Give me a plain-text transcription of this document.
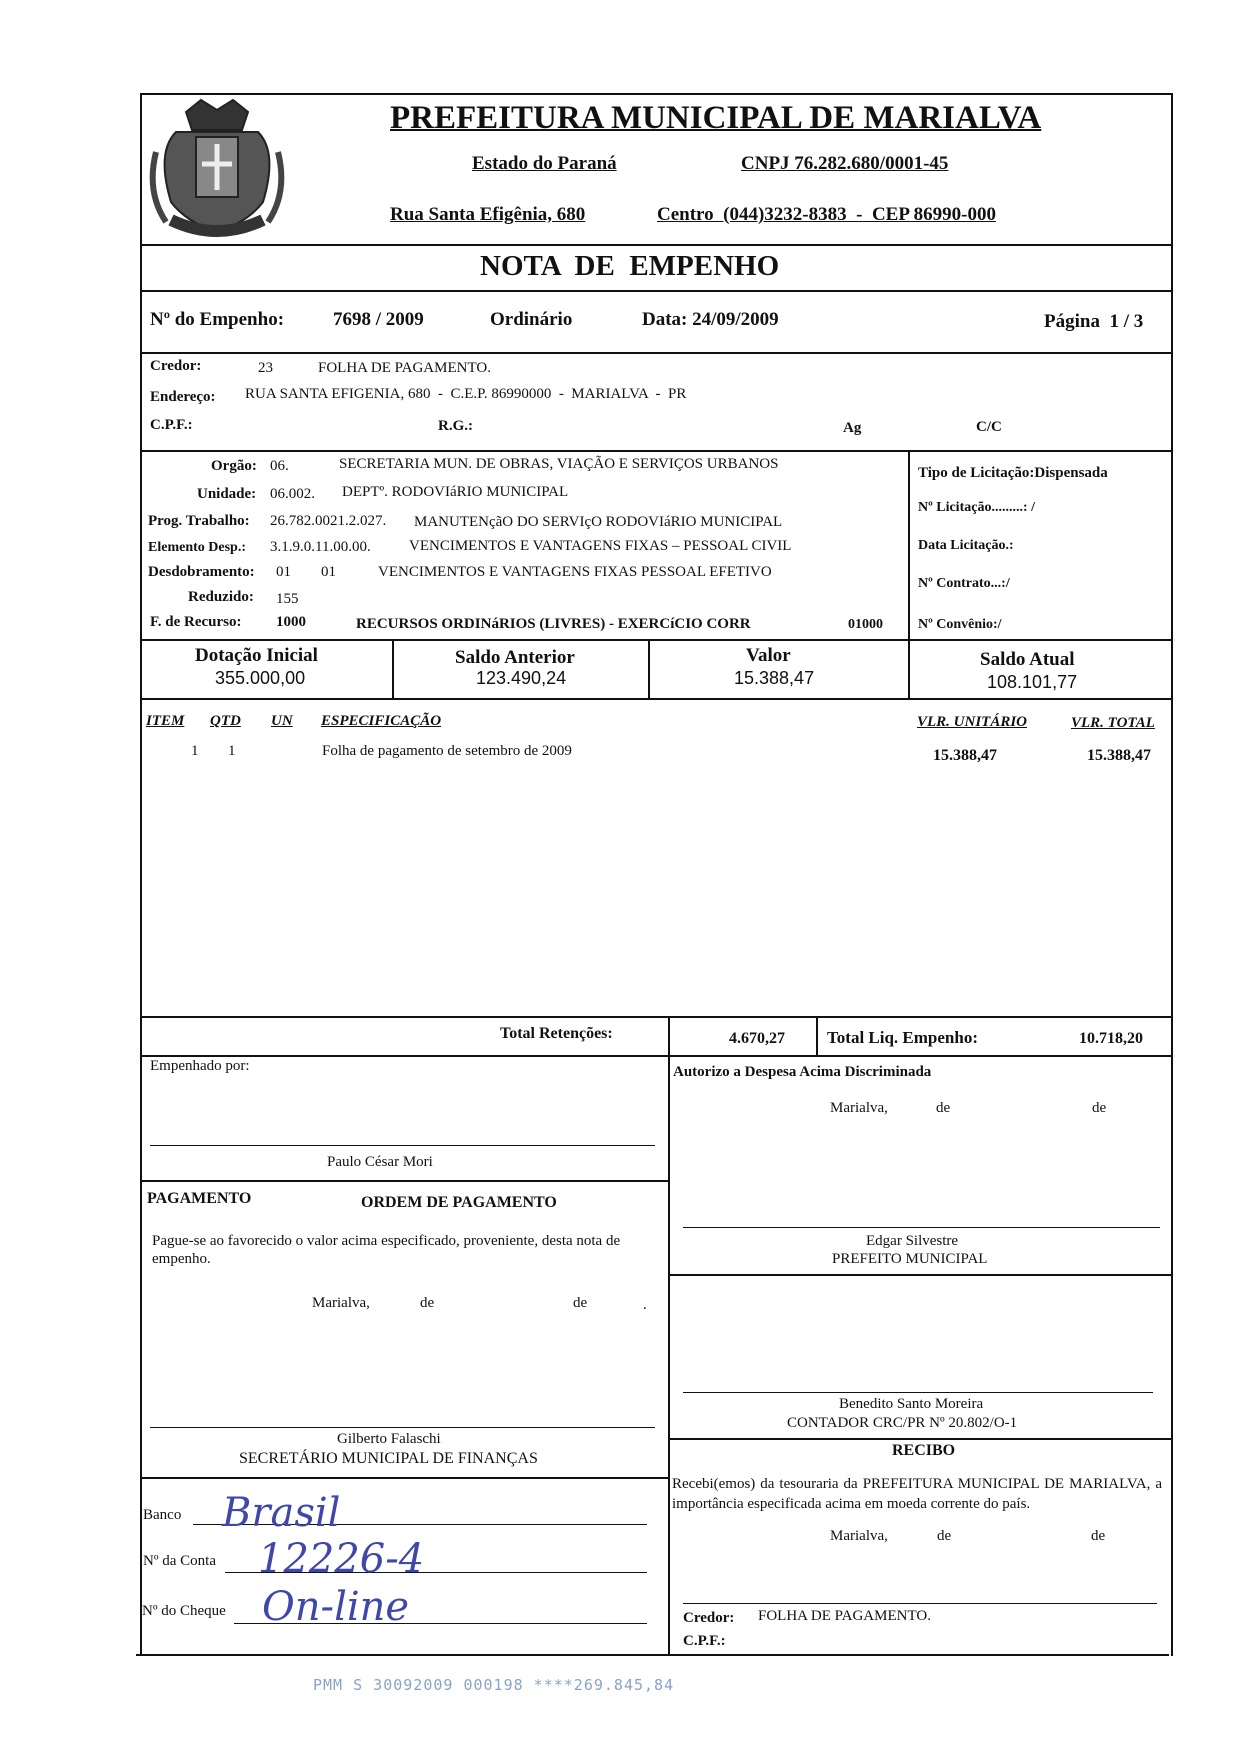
PREFEITURA MUNICIPAL DE MARIALVA
Estado do Paraná	CNPJ 76.282.680/0001-45
Rua Santa Efigênia, 680	Centro  (044)3232-8383  -  CEP 86990-000
NOTA  DE  EMPENHO
Nº do Empenho:	7698 / 2009	Ordinário	Data: 24/09/2009	Página  1 / 3
Credor:	23	FOLHA DE PAGAMENTO.
Endereço: RUA SANTA EFIGENIA, 680  -  C.E.P. 86990000  -  MARIALVA  -  PR
C.P.F.:	R.G.:	Ag	C/C
Orgão: 06.	SECRETARIA MUN. DE OBRAS, VIAÇÃO E SERVIÇOS URBANOS
Unidade: 06.002. DEPTº. RODOVIáRIO MUNICIPAL
Prog. Trabalho: 26.782.0021.2.027. MANUTENçãO DO SERVIçO RODOVIáRIO MUNICIPAL
Elemento Desp.: 3.1.9.0.11.00.00.	VENCIMENTOS E VANTAGENS FIXAS – PESSOAL CIVIL
Desdobramento: 01 01	VENCIMENTOS E VANTAGENS FIXAS PESSOAL EFETIVO
Reduzido: 155
F. de Recurso: 1000	RECURSOS ORDINáRIOS (LIVRES) - EXERCíCIO CORR	01000
Tipo de Licitação:Dispensada
Nº Licitação.........: /
Data Licitação.:
Nº Contrato...:/
Nº Convênio:/
Dotação Inicial
355.000,00
Saldo Anterior
123.490,24
Valor
15.388,47
Saldo Atual
108.101,77
ITEM QTD UN ESPECIFICAÇÃO	VLR. UNITÁRIO	VLR. TOTAL
1 1	Folha de pagamento de setembro de 2009	15.388,47	15.388,47
Total Retenções:	4.670,27 Total Liq. Empenho:	10.718,20
Empenhado por:
Paulo César Mori
PAGAMENTO	ORDEM DE PAGAMENTO
Pague-se ao favorecido o valor acima especificado, proveniente, desta nota de empenho.
Marialva,	de	de	.
Gilberto Falaschi
SECRETÁRIO MUNICIPAL DE FINANÇAS
Banco Brasil
Nº da Conta 12226-4
Nº do Cheque On-line
Autorizo a Despesa Acima Discriminada
Marialva,	de	de
Edgar Silvestre
PREFEITO MUNICIPAL
Benedito Santo Moreira
CONTADOR CRC/PR Nº 20.802/O-1
RECIBO
Recebi(emos) da tesouraria da PREFEITURA MUNICIPAL DE MARIALVA, a importância especificada acima em moeda corrente do país.
Marialva,	de	de
Credor: FOLHA DE PAGAMENTO.
C.P.F.:
PMM S 30092009 000198 ****269.845,84
